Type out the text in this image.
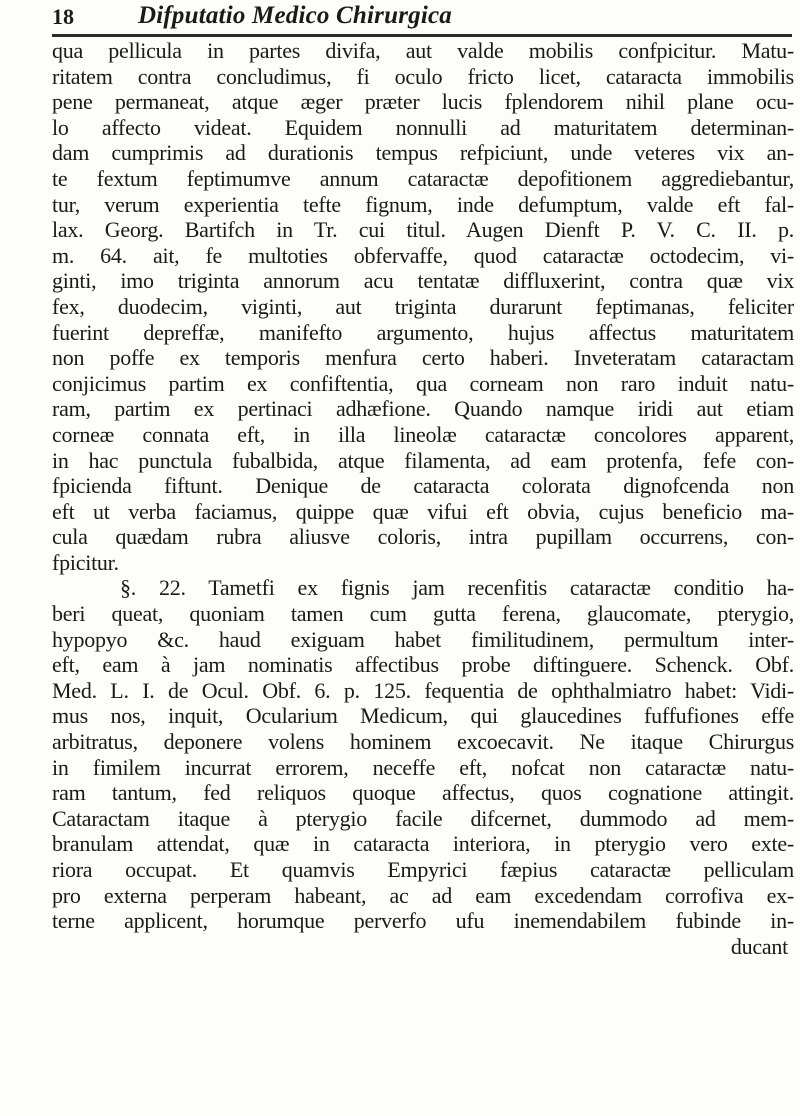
18	Difputatio Medico Chirurgica
qua pellicula in partes divifa, aut valde mobilis confpicitur. Matu-
ritatem contra concludimus, fi oculo fricto licet, cataracta immobilis
pene permaneat, atque æger præter lucis fplendorem nihil plane ocu-
lo affecto videat. Equidem nonnulli ad maturitatem determinan-
dam cumprimis ad durationis tempus refpiciunt, unde veteres vix an-
te fextum feptimumve annum cataractæ depofitionem aggrediebantur,
tur, verum experientia tefte fignum, inde defumptum, valde eft fal-
lax. Georg. Bartifch in Tr. cui titul. Augen Dienft P. V. C. II. p.
m. 64. ait, fe multoties obfervaffe, quod cataractæ octodecim, vi-
ginti, imo triginta annorum acu tentatæ diffluxerint, contra quæ vix
fex, duodecim, viginti, aut triginta durarunt feptimanas, feliciter
fuerint depreffæ, manifefto argumento, hujus affectus maturitatem
non poffe ex temporis menfura certo haberi. Inveteratam cataractam
conjicimus partim ex confiftentia, qua corneam non raro induit natu-
ram, partim ex pertinaci adhæfione. Quando namque iridi aut etiam
corneæ connata eft, in illa lineolæ cataractæ concolores apparent,
in hac punctula fubalbida, atque filamenta, ad eam protenfa, fefe con-
fpicienda fiftunt. Denique de cataracta colorata dignofcenda non
eft ut verba faciamus, quippe quæ vifui eft obvia, cujus beneficio ma-
cula quædam rubra aliusve coloris, intra pupillam occurrens, con-
fpicitur.
§. 22. Tametfi ex fignis jam recenfitis cataractæ conditio ha-
beri queat, quoniam tamen cum gutta ferena, glaucomate, pterygio,
hypopyo &c. haud exiguam habet fimilitudinem, permultum inter-
eft, eam à jam nominatis affectibus probe diftinguere. Schenck. Obf.
Med. L. I. de Ocul. Obf. 6. p. 125. fequentia de ophthalmiatro habet: Vidi-
mus nos, inquit, Ocularium Medicum, qui glaucedines fuffufiones effe
arbitratus, deponere volens hominem excoecavit. Ne itaque Chirurgus
in fimilem incurrat errorem, neceffe eft, nofcat non cataractæ natu-
ram tantum, fed reliquos quoque affectus, quos cognatione attingit.
Cataractam itaque à pterygio facile difcernet, dummodo ad mem-
branulam attendat, quæ in cataracta interiora, in pterygio vero exte-
riora occupat. Et quamvis Empyrici fæpius cataractæ pelliculam
pro externa perperam habeant, ac ad eam excedendam corrofiva ex-
terne applicent, horumque perverfo ufu inemendabilem fubinde in-
ducant
